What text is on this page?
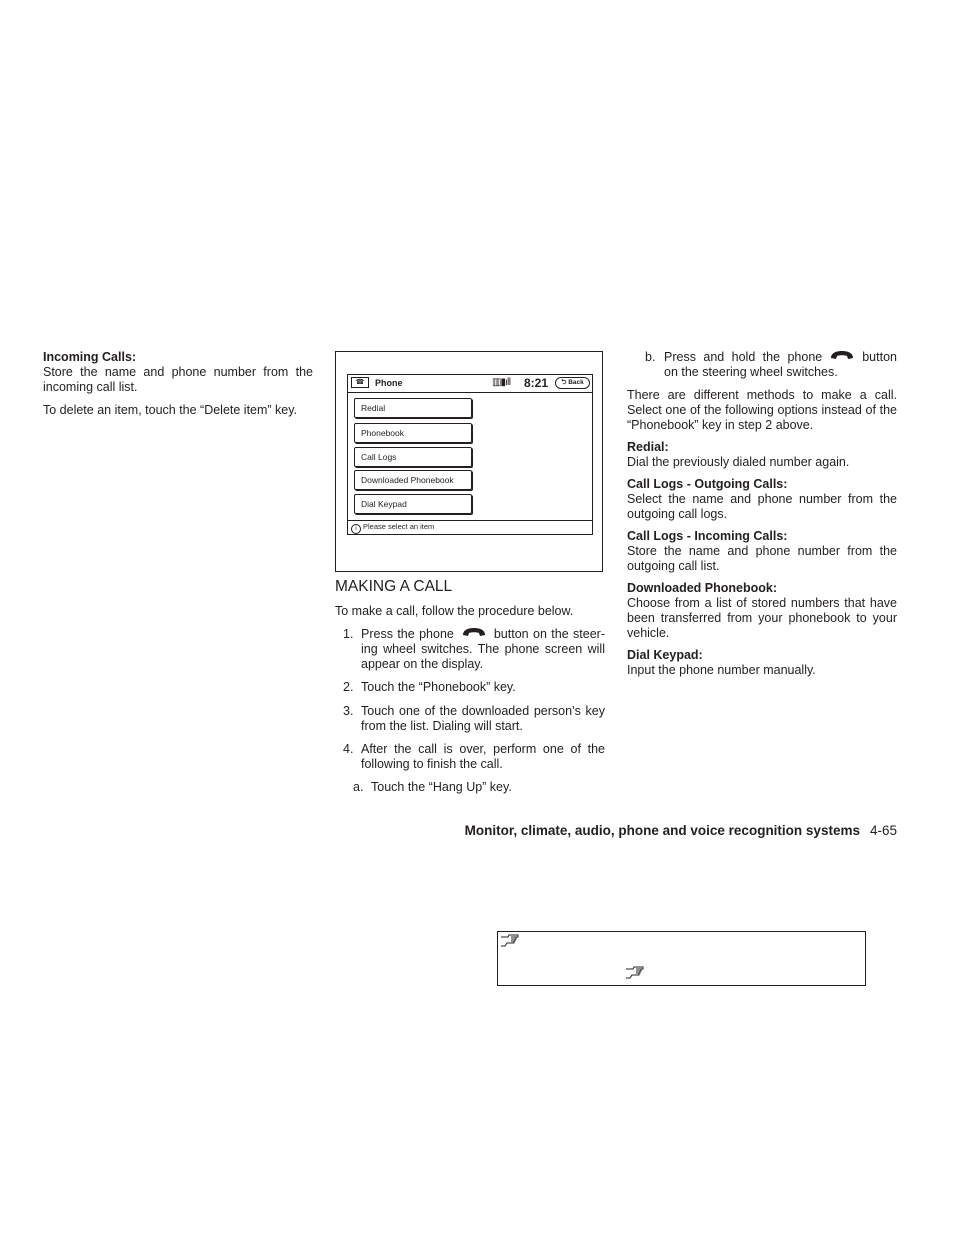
Incoming Calls:

Store the name and phone number from the incoming call list.

To delete an item, touch the “Delete item” key.

☎	Phone	▥▮ıll 8:21	⮌ Back
Redial
Phonebook
Call Logs
Downloaded Phonebook
Dial Keypad
i Please select an item
MAKING A CALL

To make a call, follow the procedure below.

1. Press the phone	button on the steer-ing wheel switches. The phone screen will appear on the display.

2. Touch the “Phonebook” key.

3. Touch one of the downloaded person’s key from the list. Dialing will start.

4. After the call is over, perform one of the following to finish the call.

a. Touch the “Hang Up” key.

b. Press and hold the phone	button on the steering wheel switches.

There are different methods to make a call. Select one of the following options instead of the “Phonebook” key in step 2 above.

Redial:

Dial the previously dialed number again.

Call Logs - Outgoing Calls:

Select the name and phone number from the outgoing call logs.

Call Logs - Incoming Calls:

Store the name and phone number from the outgoing call list.

Downloaded Phonebook:

Choose from a list of stored numbers that have been transferred from your phonebook to your vehicle.

Dial Keypad:

Input the phone number manually.

Monitor, climate, audio, phone and voice recognition systems 4-65
